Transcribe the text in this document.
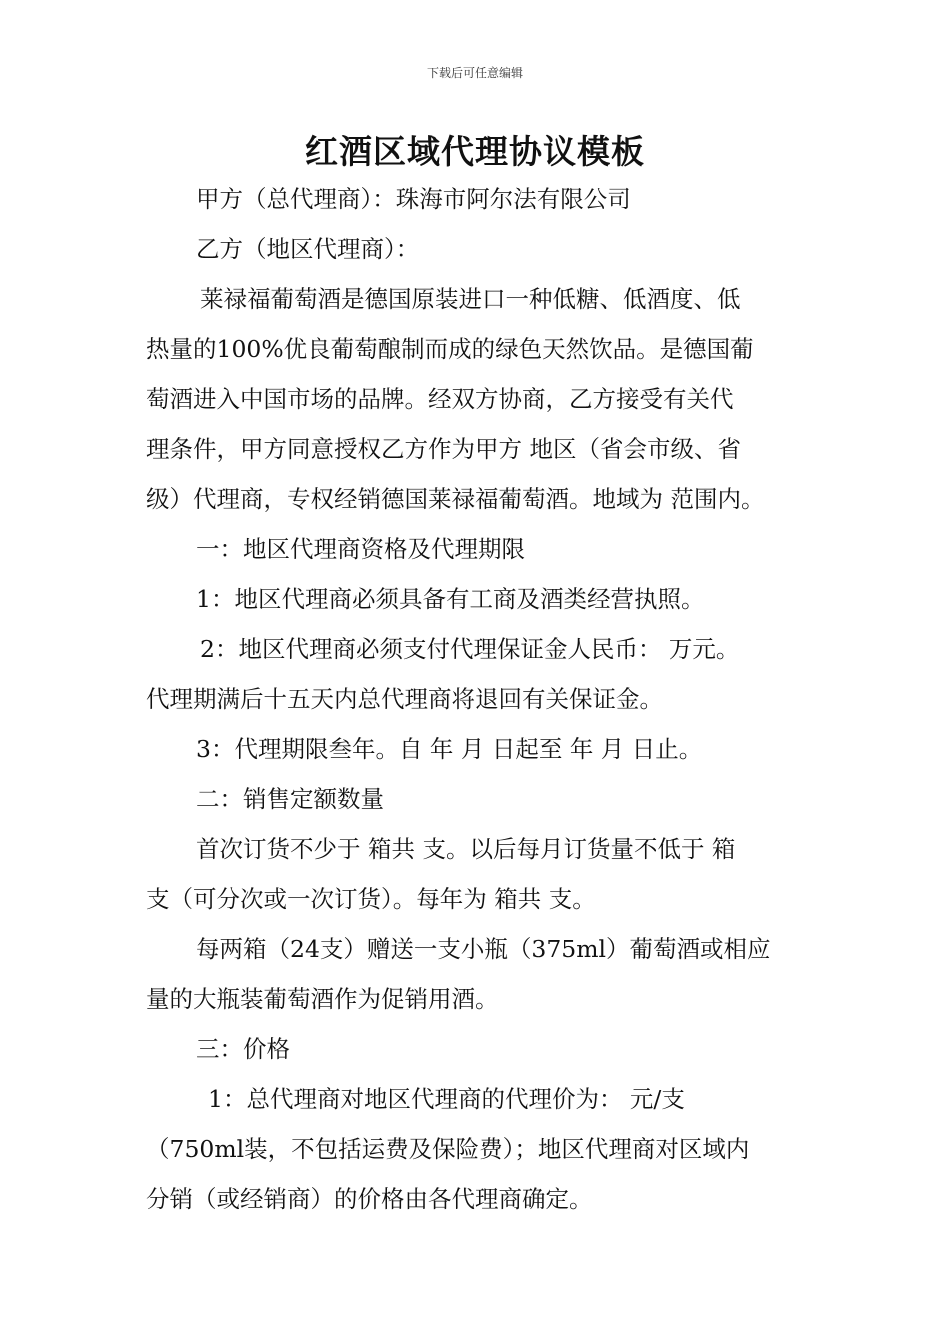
下载后可任意编辑
红酒区域代理协议模板
甲方（总代理商）：珠海市阿尔法有限公司
乙方（地区代理商）：
莱禄福葡萄酒是德国原装进口一种低糖、低酒度、低
热量的100%优良葡萄酿制而成的绿色天然饮品。是德国葡
萄酒进入中国市场的品牌。经双方协商，乙方接受有关代
理条件，甲方同意授权乙方作为甲方 地区（省会市级、省
级）代理商，专权经销德国莱禄福葡萄酒。地域为 范围内。
一：地区代理商资格及代理期限
1：地区代理商必须具备有工商及酒类经营执照。
2：地区代理商必须支付代理保证金人民币： 万元。
代理期满后十五天内总代理商将退回有关保证金。
3：代理期限叁年。自 年 月 日起至 年 月 日止。
二：销售定额数量
首次订货不少于 箱共 支。以后每月订货量不低于 箱
支（可分次或一次订货）。每年为 箱共 支。
每两箱（24支）赠送一支小瓶（375ml）葡萄酒或相应
量的大瓶装葡萄酒作为促销用酒。
三：价格
1：总代理商对地区代理商的代理价为： 元/支
（750ml装，不包括运费及保险费）；地区代理商对区域内
分销（或经销商）的价格由各代理商确定。
